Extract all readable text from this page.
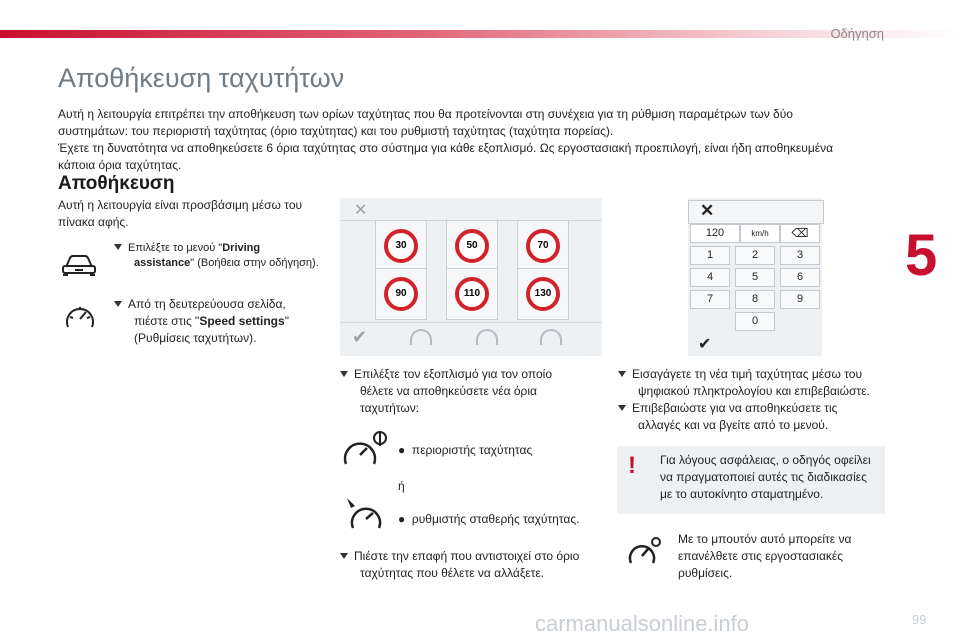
Οδήγηση
5
Αποθήκευση ταχυτήτων
Αυτή η λειτουργία επιτρέπει την αποθήκευση των ορίων ταχύτητας που θα προτείνονται στη συνέχεια για τη ρύθμιση παραμέτρων των δύο
συστημάτων: του περιοριστή ταχύτητας (όριο ταχύτητας) και του ρυθμιστή ταχύτητας (ταχύτητα πορείας).
Έχετε τη δυνατότητα να αποθηκεύσετε 6 όρια ταχύτητας στο σύστημα για κάθε εξοπλισμό. Ως εργοστασιακή προεπιλογή, είναι ήδη αποθηκευμένα
κάποια όρια ταχύτητας.
Αποθήκευση
Αυτή η λειτουργία είναι προσβάσιμη μέσω του
πίνακα αφής.
Επιλέξτε το μενού "Driving
assistance" (Βοήθεια στην οδήγηση).
Από τη δευτερεύουσα σελίδα,
πιέστε στις "Speed settings"
(Ρυθμίσεις ταχυτήτων).
✕
30	50	70
90	110	130
✔
Επιλέξτε τον εξοπλισμό για τον οποίο
θέλετε να αποθηκεύσετε νέα όρια
ταχυτήτων:
● περιοριστής ταχύτητας
ή
● ρυθμιστής σταθερής ταχύτητας.
Πιέστε την επαφή που αντιστοιχεί στο όριο
ταχύτητας που θέλετε να αλλάξετε.
✕
120	km/h	⌫
1	2	3
4	5	6
7	8	9
0
✔
Εισαγάγετε τη νέα τιμή ταχύτητας μέσω του
ψηφιακού πληκτρολογίου και επιβεβαιώστε.
Επιβεβαιώστε για να αποθηκεύσετε τις
αλλαγές και να βγείτε από το μενού.
! Για λόγους ασφάλειας, ο οδηγός οφείλει
να πραγματοποιεί αυτές τις διαδικασίες
με το αυτοκίνητο σταματημένο.
Με το μπουτόν αυτό μπορείτε να
επανέλθετε στις εργοστασιακές
ρυθμίσεις.
99
carmanualsonline.info
